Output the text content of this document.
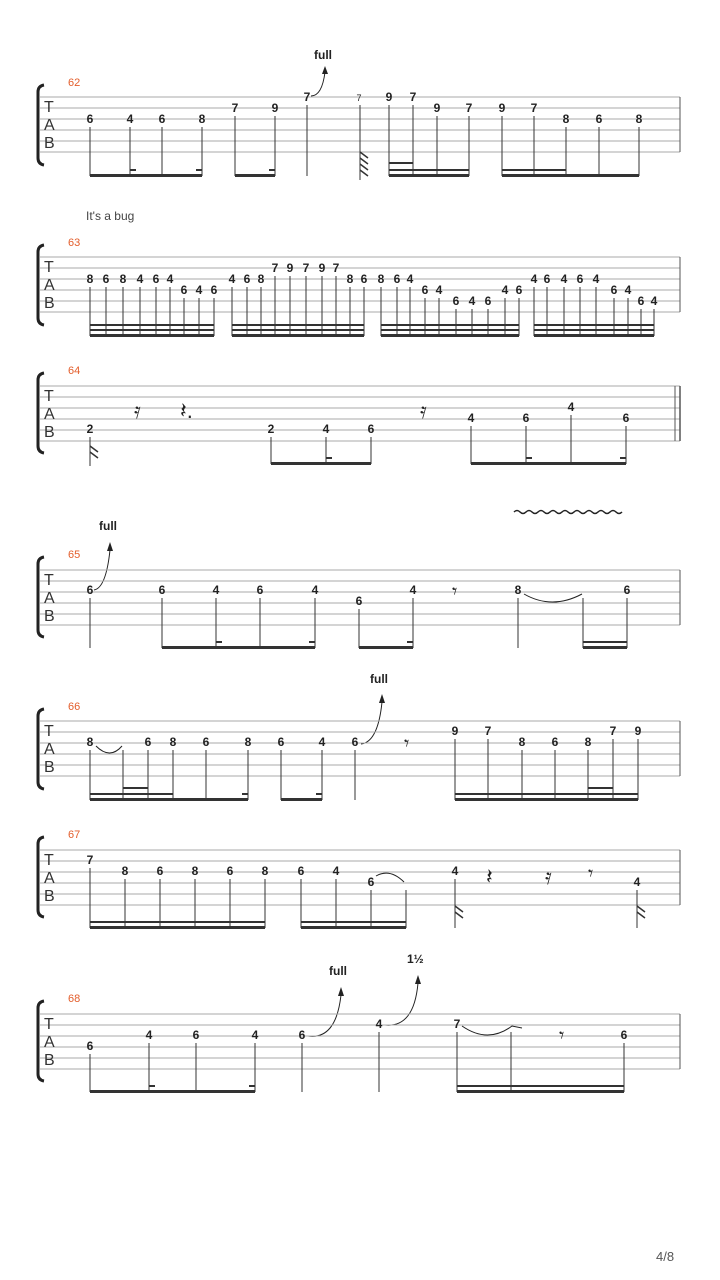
62
T
A
B
full
6	4 6	8
7	9
7	7 9 7
9 7 9 7
8 6	8
It's a bug
63
T
A
B
8 6 8 4 6 4
6 4 6
4 6 8
7 9 7 9 7
8 6 8 6 4
6 4
6 4 6
4 6
4 6 4 6 4
6 4
6 4
64
T
A
B
𝄿 𝄽.	𝄿
2	2	4	6
4	6
4
6
full
65
T
A
B
𝄾
6	6	4	6	4
6
4	8	6
full
66
T
A
B
𝄾
8	6 8 6	8 6	4 6
9 7
8 6 8
7 9
67
T
A
B
𝄽 𝄿 𝄾
7
8 6 8 6 8 6 4
6
4
4
full
1½
68
T
A
B
𝄾
6
4	6	4	6
4	7
6
4/8
